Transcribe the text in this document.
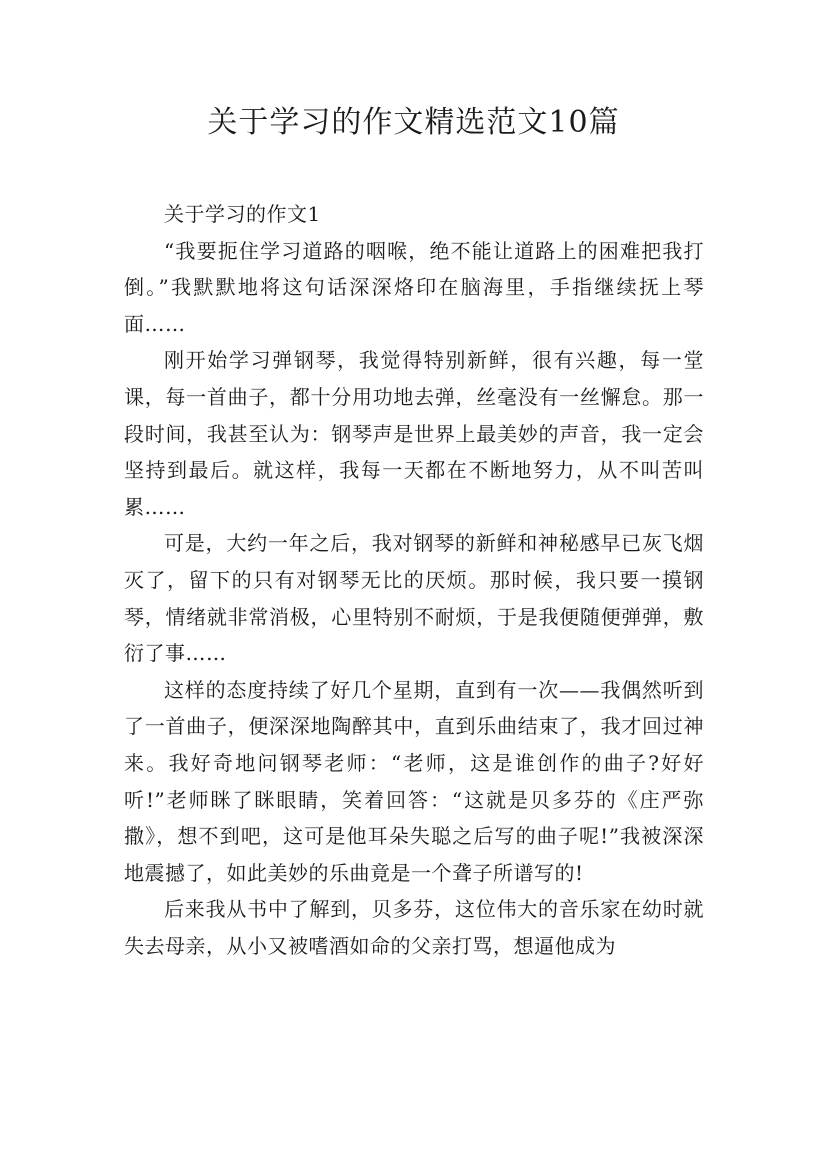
关于学习的作文精选范文10篇

关于学习的作文1

“我要扼住学习道路的咽喉，绝不能让道路上的困难把我打倒。”我默默地将这句话深深烙印在脑海里，手指继续抚上琴面……

刚开始学习弹钢琴，我觉得特别新鲜，很有兴趣，每一堂课，每一首曲子，都十分用功地去弹，丝毫没有一丝懈怠。那一段时间，我甚至认为：钢琴声是世界上最美妙的声音，我一定会坚持到最后。就这样，我每一天都在不断地努力，从不叫苦叫累……

可是，大约一年之后，我对钢琴的新鲜和神秘感早已灰飞烟灭了，留下的只有对钢琴无比的厌烦。那时候，我只要一摸钢琴，情绪就非常消极，心里特别不耐烦，于是我便随便弹弹，敷衍了事……

这样的态度持续了好几个星期，直到有一次——我偶然听到了一首曲子，便深深地陶醉其中，直到乐曲结束了，我才回过神来。我好奇地问钢琴老师：“老师，这是谁创作的曲子?好好听!”老师眯了眯眼睛，笑着回答：“这就是贝多芬的《庄严弥撒》，想不到吧，这可是他耳朵失聪之后写的曲子呢!”我被深深地震撼了，如此美妙的乐曲竟是一个聋子所谱写的!

后来我从书中了解到，贝多芬，这位伟大的音乐家在幼时就失去母亲，从小又被嗜酒如命的父亲打骂，想逼他成为
